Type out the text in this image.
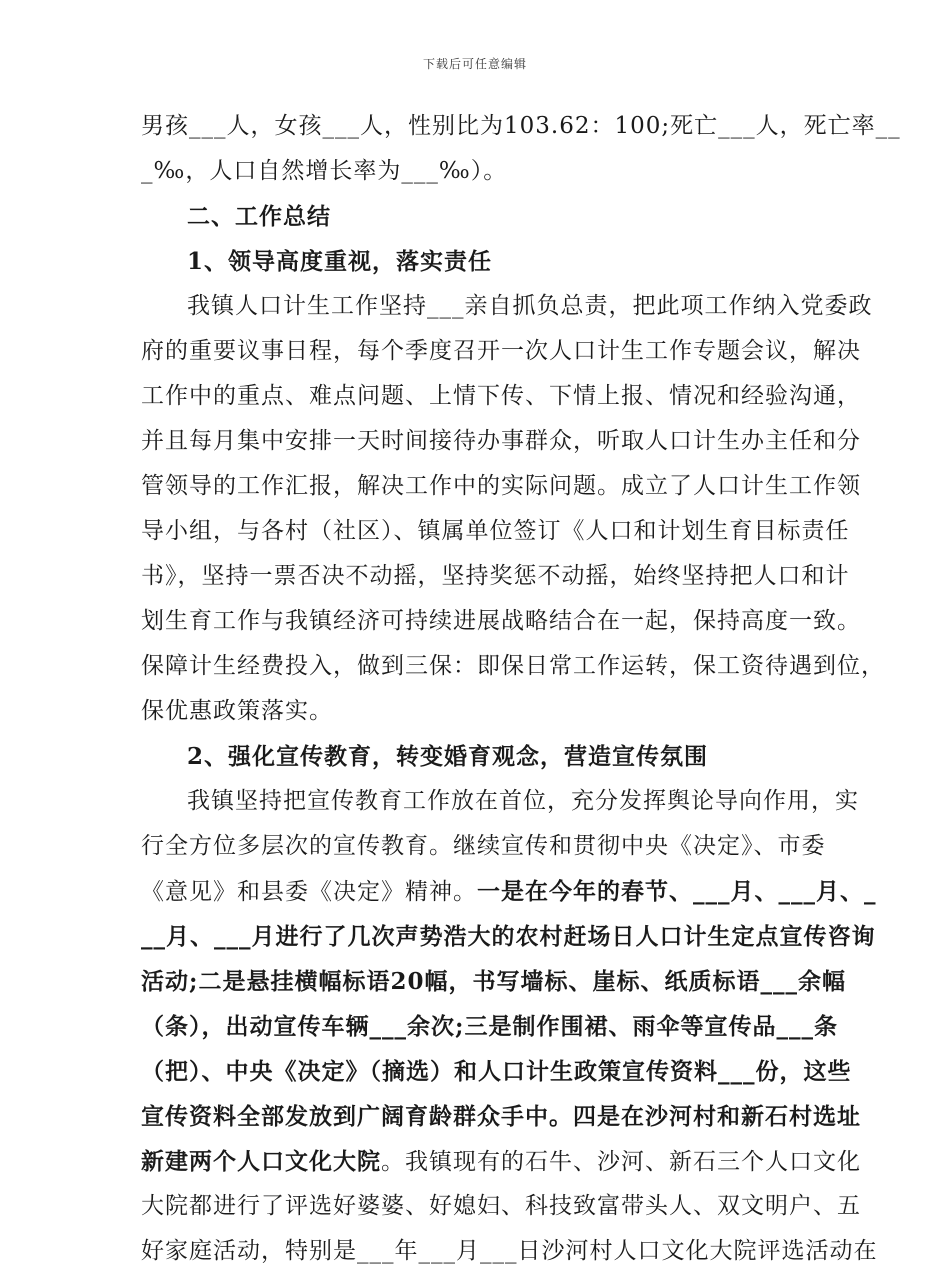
下载后可任意编辑
男孩___人，女孩___人，性别比为103.62：100;死亡___人，死亡率__
_‰，人口自然增长率为___‰）。
二、工作总结
1、领导高度重视，落实责任
我镇人口计生工作坚持___亲自抓负总责，把此项工作纳入党委政
府的重要议事日程，每个季度召开一次人口计生工作专题会议，解决
工作中的重点、难点问题、上情下传、下情上报、情况和经验沟通，
并且每月集中安排一天时间接待办事群众，听取人口计生办主任和分
管领导的工作汇报，解决工作中的实际问题。成立了人口计生工作领
导小组，与各村（社区）、镇属单位签订《人口和计划生育目标责任
书》，坚持一票否决不动摇，坚持奖惩不动摇，始终坚持把人口和计
划生育工作与我镇经济可持续进展战略结合在一起，保持高度一致。
保障计生经费投入，做到三保：即保日常工作运转，保工资待遇到位，
保优惠政策落实。
2、强化宣传教育，转变婚育观念，营造宣传氛围
我镇坚持把宣传教育工作放在首位，充分发挥舆论导向作用，实
行全方位多层次的宣传教育。继续宣传和贯彻中央《决定》、市委
《意见》和县委《决定》精神。一是在今年的春节、___月、___月、_
__月、___月进行了几次声势浩大的农村赶场日人口计生定点宣传咨询
活动;二是悬挂横幅标语20幅，书写墙标、崖标、纸质标语___余幅
（条），出动宣传车辆___余次;三是制作围裙、雨伞等宣传品___条
（把）、中央《决定》（摘选）和人口计生政策宣传资料___份，这些
宣传资料全部发放到广阔育龄群众手中。四是在沙河村和新石村选址
新建两个人口文化大院。我镇现有的石牛、沙河、新石三个人口文化
大院都进行了评选好婆婆、好媳妇、科技致富带头人、双文明户、五
好家庭活动，特别是___年___月___日沙河村人口文化大院评选活动在
